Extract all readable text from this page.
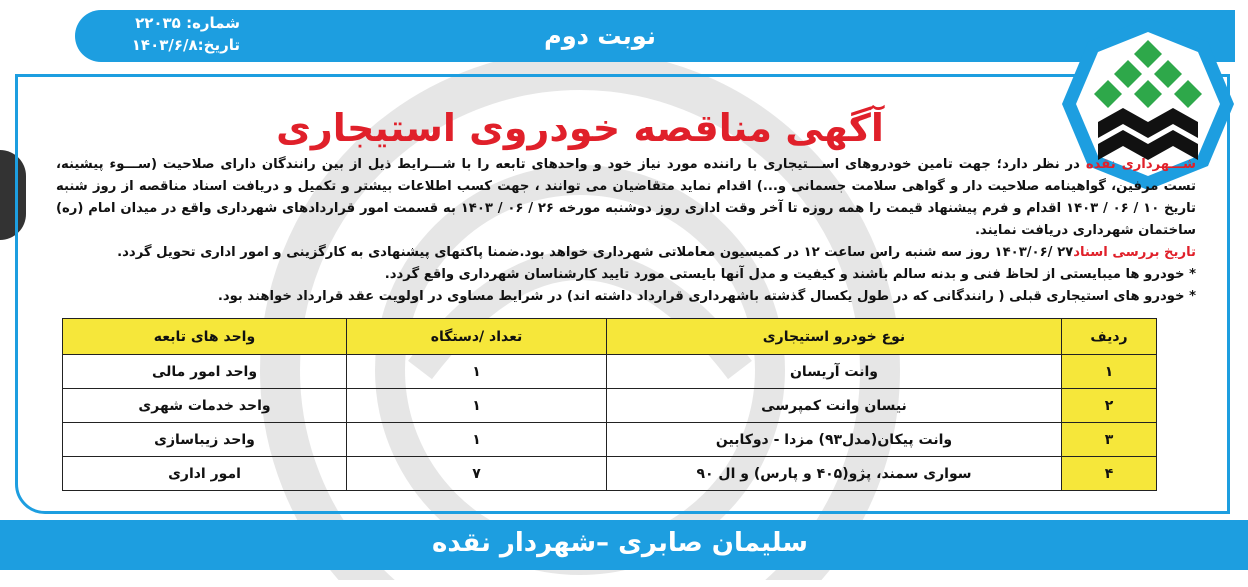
شماره: ۲۲۰۳۵
تاریخ:۱۴۰۳/۶/۸	نوبت دوم
آگهی مناقصه خودروی استیجاری

شـــهرداری نقده در نظر دارد؛ جهت تامین خودروهای اســـتیجاری با راننده مورد نیاز خود و واحدهای تابعه را با شـــرایط ذیل از بین رانندگان دارای صلاحیت (ســـوء پیشینه، تست مرفین، گواهینامه صلاحیت دار و گواهی سلامت جسمانی و...) اقدام نماید متقاضیان می توانند ، جهت کسب اطلاعات بیشتر و تکمیل و دریافت اسناد مناقصه از روز شنبه تاریخ ۱۰ / ۰۶ / ۱۴۰۳ اقدام و فرم پیشنهاد قیمت را همه روزه تا آخر وقت اداری روز دوشنبه مورخه ۲۶ / ۰۶ / ۱۴۰۳ به قسمت امور قراردادهای شهرداری واقع در میدان امام (ره) ساختمان شهرداری دریافت نمایند.

تاریخ بررسی اسناد۲۷ /۱۴۰۳/۰۶ روز سه شنبه راس ساعت ۱۲ در کمیسیون معاملاتی شهرداری خواهد بود.ضمنا پاکتهای پیشنهادی به کارگزینی و امور اداری تحویل گردد.

* خودرو ها میبایستی از لحاظ فنی و بدنه سالم باشند و کیفیت و مدل آنها بایستی مورد تایید کارشناسان شهرداری واقع گردد.

* خودرو های استیجاری قبلی ( رانندگانی که در طول یکسال گذشته باشهرداری قرارداد داشته اند) در شرایط مساوی در اولویت عقد قرارداد خواهند بود.

ردیف	نوع خودرو استیجاری	تعداد /دستگاه	واحد های تابعه
۱	وانت آریسان	۱	واحد امور مالی
۲	نیسان وانت کمپرسی	۱	واحد خدمات شهری
۳	وانت پیکان(مدل۹۳) مزدا - دوکابین	۱	واحد زیباسازی
۴	سواری سمند، پژو(۴۰۵ و پارس) و ال ۹۰	۷	امور اداری
سلیمان صابری –شهردار نقده
